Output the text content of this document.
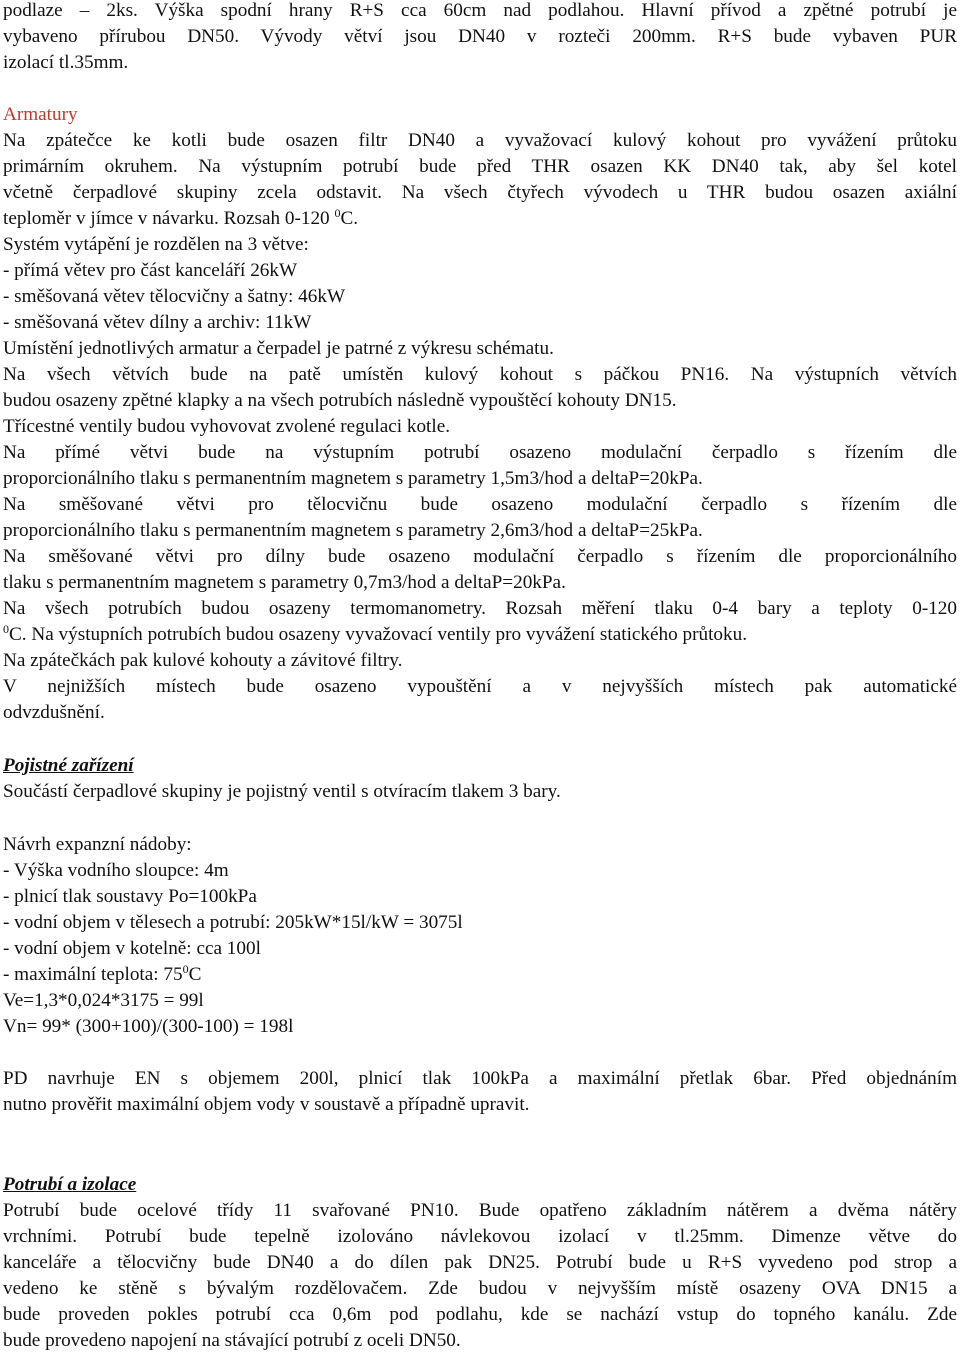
podlaze – 2ks. Výška spodní hrany R+S cca 60cm nad podlahou. Hlavní přívod a zpětné potrubí je
vybaveno přírubou DN50. Vývody větví jsou DN40 v rozteči 200mm. R+S bude vybaven PUR
izolací tl.35mm.
Armatury
Na zpátečce ke kotli bude osazen filtr DN40 a vyvažovací kulový kohout pro vyvážení průtoku
primárním okruhem. Na výstupním potrubí bude před THR osazen KK DN40 tak, aby šel kotel
včetně čerpadlové skupiny zcela odstavit. Na všech čtyřech vývodech u THR budou osazen axiální
teploměr v jímce v návarku. Rozsah 0-120 $^0$C.
Systém vytápění je rozdělen na 3 větve:
- přímá větev pro část kanceláří 26kW
- směšovaná větev tělocvičny a šatny: 46kW
- směšovaná větev dílny a archiv: 11kW
Umístění jednotlivých armatur a čerpadel je patrné z výkresu schématu.
Na všech větvích bude na patě umístěn kulový kohout s páčkou PN16. Na výstupních větvích
budou osazeny zpětné klapky a na všech potrubích následně vypouštěcí kohouty DN15.
Třícestné ventily budou vyhovovat zvolené regulaci kotle.
Na přímé větvi bude na výstupním potrubí osazeno modulační čerpadlo s řízením dle
proporcionálního tlaku s permanentním magnetem s parametry 1,5m3/hod a deltaP=20kPa.
Na směšované větvi pro tělocvičnu bude osazeno modulační čerpadlo s řízením dle
proporcionálního tlaku s permanentním magnetem s parametry 2,6m3/hod a deltaP=25kPa.
Na směšované větvi pro dílny bude osazeno modulační čerpadlo s řízením dle proporcionálního
tlaku s permanentním magnetem s parametry 0,7m3/hod a deltaP=20kPa.
Na všech potrubích budou osazeny termomanometry. Rozsah měření tlaku 0-4 bary a teploty 0-120
$^0$C. Na výstupních potrubích budou osazeny vyvažovací ventily pro vyvážení statického průtoku.
Na zpátečkách pak kulové kohouty a závitové filtry.
V nejnižších místech bude osazeno vypouštění a v nejvyšších místech pak automatické
odvzdušnění.
Pojistné zařízení
Součástí čerpadlové skupiny je pojistný ventil s otvíracím tlakem 3 bary.
Návrh expanzní nádoby:
- Výška vodního sloupce: 4m
- plnicí tlak soustavy Po=100kPa
- vodní objem v tělesech a potrubí: 205kW*15l/kW = 3075l
- vodní objem v kotelně: cca 100l
- maximální teplota: $75^0C$
Ve=1,3*0,024*3175 = 99l
Vn= 99* (300+100)/(300-100) = 198l
PD navrhuje EN s objemem 200l, plnicí tlak 100kPa a maximální přetlak 6bar. Před objednáním
nutno prověřit maximální objem vody v soustavě a případně upravit.
Potrubí a izolace
Potrubí bude ocelové třídy 11 svařované PN10. Bude opatřeno základním nátěrem a dvěma nátěry
vrchními. Potrubí bude tepelně izolováno návlekovou izolací v tl.25mm. Dimenze větve do
kanceláře a tělocvičny bude DN40 a do dílen pak DN25. Potrubí bude u R+S vyvedeno pod strop a
vedeno ke stěně s bývalým rozdělovačem. Zde budou v nejvyšším místě osazeny OVA DN15 a
bude proveden pokles potrubí cca 0,6m pod podlahu, kde se nachází vstup do topného kanálu. Zde
bude provedeno napojení na stávající potrubí z oceli DN50.
